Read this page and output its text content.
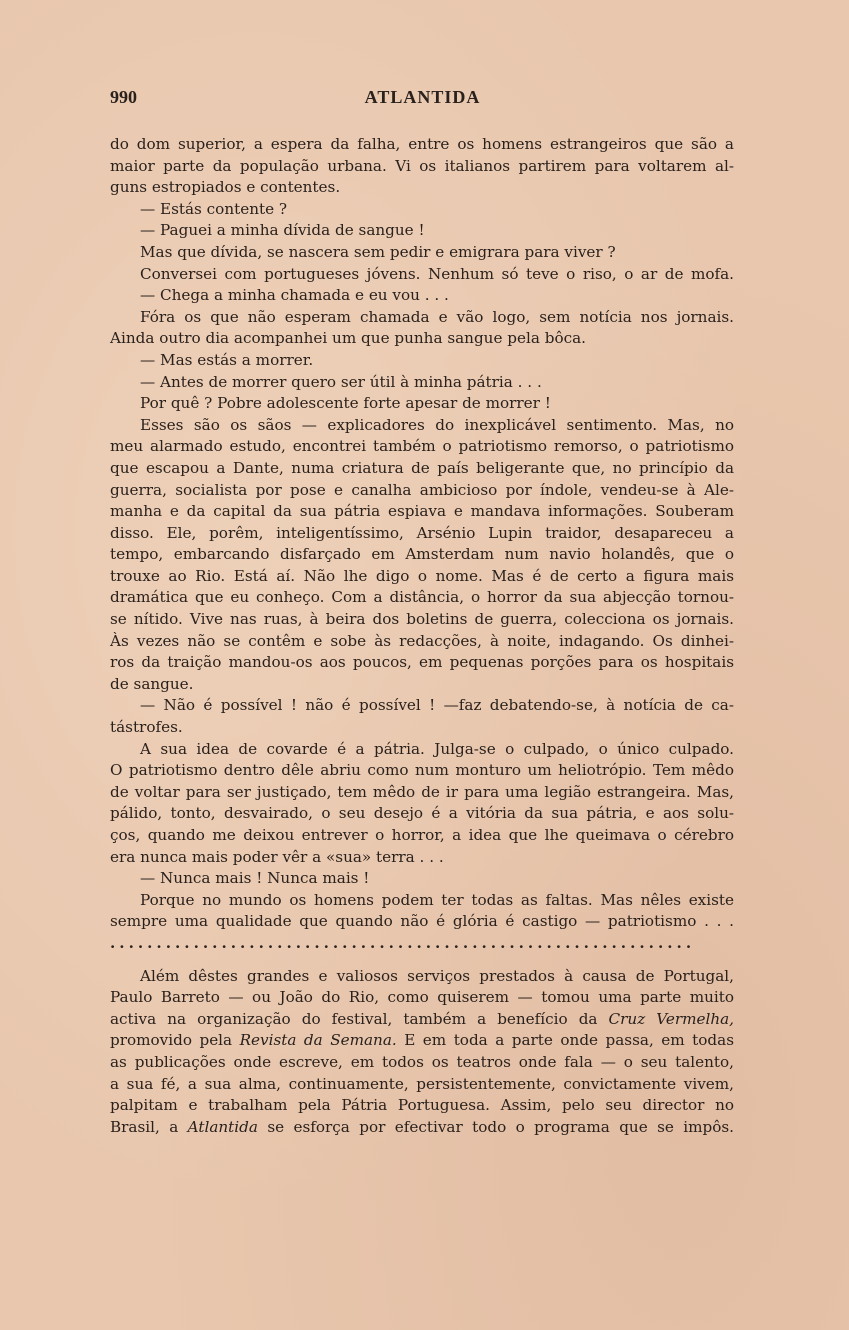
990	ATLANTIDA
do dom superior, a espera da falha, entre os homens estrangeiros que são a
maior parte da população urbana. Vi os italianos partirem para voltarem al-
guns estropiados e contentes.
— Estás contente ?
— Paguei a minha dívida de sangue !
Mas que dívida, se nascera sem pedir e emigrara para viver ?
Conversei com portugueses jóvens. Nenhum só teve o riso, o ar de mofa.
— Chega a minha chamada e eu vou . . .
Fóra os que não esperam chamada e vão logo, sem notícia nos jornais.
Ainda outro dia acompanhei um que punha sangue pela bôca.
— Mas estás a morrer.
— Antes de morrer quero ser útil à minha pátria . . .
Por quê ? Pobre adolescente forte apesar de morrer !
Esses são os sãos — explicadores do inexplicável sentimento. Mas, no
meu alarmado estudo, encontrei também o patriotismo remorso, o patriotismo
que escapou a Dante, numa criatura de país beligerante que, no princípio da
guerra, socialista por pose e canalha ambicioso por índole, vendeu-se à Ale-
manha e da capital da sua pátria espiava e mandava informações. Souberam
disso. Ele, porêm, inteligentíssimo, Arsénio Lupin traidor, desapareceu a
tempo, embarcando disfarçado em Amsterdam num navio holandês, que o
trouxe ao Rio. Está aí. Não lhe digo o nome. Mas é de certo a figura mais
dramática que eu conheço. Com a distância, o horror da sua abjecção tornou-
se nítido. Vive nas ruas, à beira dos boletins de guerra, colecciona os jornais.
Às vezes não se contêm e sobe às redacções, à noite, indagando. Os dinhei-
ros da traição mandou-os aos poucos, em pequenas porções para os hospitais
de sangue.
— Não é possível ! não é possível ! —faz debatendo-se, à notícia de ca-
tástrofes.
A sua idea de covarde é a pátria. Julga-se o culpado, o único culpado.
O patriotismo dentro dêle abriu como num monturo um heliotrópio. Tem mêdo
de voltar para ser justiçado, tem mêdo de ir para uma legião estrangeira. Mas,
pálido, tonto, desvairado, o seu desejo é a vitória da sua pátria, e aos solu-
ços, quando me deixou entrever o horror, a idea que lhe queimava o cérebro
era nunca mais poder vêr a «sua» terra . . .
— Nunca mais ! Nunca mais !
Porque no mundo os homens podem ter todas as faltas. Mas nêles existe
sempre uma qualidade que quando não é glória é castigo — patriotismo . . .
...............................................................
Além dêstes grandes e valiosos serviços prestados à causa de Portugal,
Paulo Barreto — ou João do Rio, como quiserem — tomou uma parte muito
activa na organização do festival, também a benefício da Cruz Vermelha,
promovido pela Revista da Semana. E em toda a parte onde passa, em todas
as publicações onde escreve, em todos os teatros onde fala — o seu talento,
a sua fé, a sua alma, continuamente, persistentemente, convictamente vivem,
palpitam e trabalham pela Pátria Portuguesa. Assim, pelo seu director no
Brasil, a Atlantida se esforça por efectivar todo o programa que se impôs.
